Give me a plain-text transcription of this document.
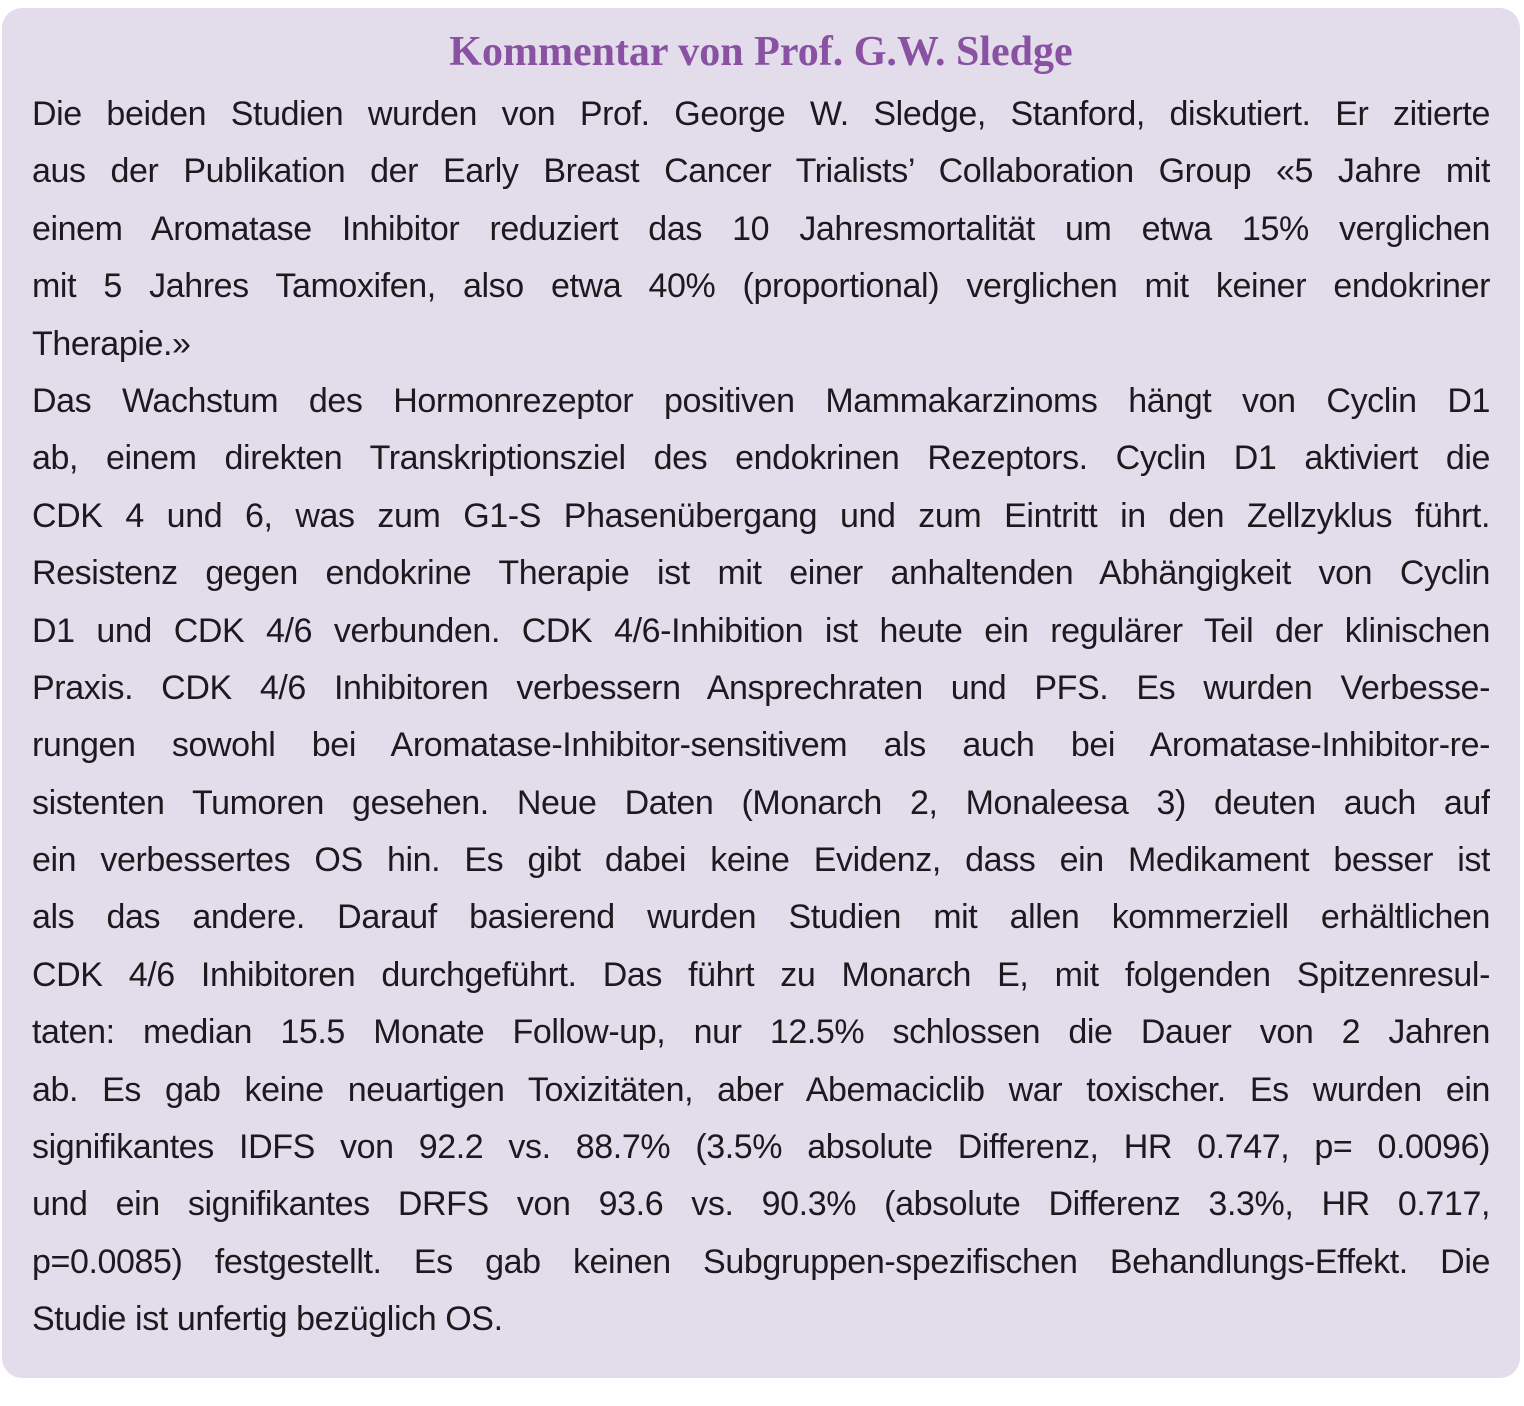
Kommentar von Prof. G.W. Sledge
Die beiden Studien wurden von Prof. George W. Sledge, Stanford, diskutiert. Er zitierte
aus der Publikation der Early Breast Cancer Trialists’ Collaboration Group «5 Jahre mit
einem Aromatase Inhibitor reduziert das 10 Jahresmortalität um etwa 15% verglichen
mit 5 Jahres Tamoxifen, also etwa 40% (proportional) verglichen mit keiner endokriner
Therapie.»
Das Wachstum des Hormonrezeptor positiven Mammakarzinoms hängt von Cyclin D1
ab, einem direkten Transkriptionsziel des endokrinen Rezeptors. Cyclin D1 aktiviert die
CDK 4 und 6, was zum G1-S Phasenübergang und zum Eintritt in den Zellzyklus führt.
Resistenz gegen endokrine Therapie ist mit einer anhaltenden Abhängigkeit von Cyclin
D1 und CDK 4/6 verbunden. CDK 4/6-Inhibition ist heute ein regulärer Teil der klinischen
Praxis. CDK 4/6 Inhibitoren verbessern Ansprechraten und PFS. Es wurden Verbesse-
rungen sowohl bei Aromatase-Inhibitor-sensitivem als auch bei Aromatase-Inhibitor-re-
sistenten Tumoren gesehen. Neue Daten (Monarch 2, Monaleesa 3) deuten auch auf
ein verbessertes OS hin. Es gibt dabei keine Evidenz, dass ein Medikament besser ist
als das andere. Darauf basierend wurden Studien mit allen kommerziell erhältlichen
CDK 4/6 Inhibitoren durchgeführt. Das führt zu Monarch E, mit folgenden Spitzenresul-
taten: median 15.5 Monate Follow-up, nur 12.5% schlossen die Dauer von 2 Jahren
ab. Es gab keine neuartigen Toxizitäten, aber Abemaciclib war toxischer. Es wurden ein
signifikantes IDFS von 92.2 vs. 88.7% (3.5% absolute Differenz, HR 0.747, p= 0.0096)
und ein signifikantes DRFS von 93.6 vs. 90.3% (absolute Differenz 3.3%, HR 0.717,
p=0.0085) festgestellt. Es gab keinen Subgruppen-spezifischen Behandlungs-Effekt. Die
Studie ist unfertig bezüglich OS.
